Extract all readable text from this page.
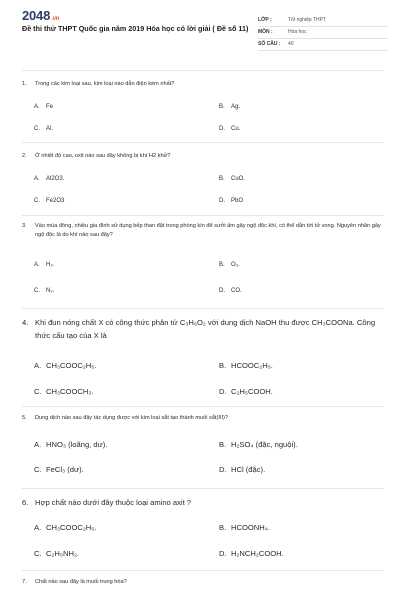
2048.vn
Đề thi thử THPT Quốc gia năm 2019 Hóa học có lời giải ( Đề số 11)
LỚP :	Tốt nghiệp THPT
MÔN :	Hóa học
SỐ CÂU :	40
1.	Trong các kim loại sau, kim loại nào dẫn điện kém nhất?
A.	Fe	B.	Ag.
C.	Al.	D.	Cu.
2.	Ở nhiệt độ cao, oxit nào sau đây không bị khí H2 khử?
A.	Al2O3.	B.	CuO.
C.	Fe2O3	D.	PbO
3.	Vào mùa đông, nhiều gia đình sử dụng bếp than đặt trong phòng kín để sưởi ấm gây ngộ độc khí, có thể dẫn tới tử vong. Nguyên nhân gây ngộ độc là do khí nào sau đây?
A.	H₂.	B.	O₃.
C.	N₂.	D.	CO.
4. Khi đun nóng chất X có công thức phân tử C₃H₆O₂ với dung dịch NaOH thu được CH₃COONa. Công thức cấu tạo của X là
A. CH₃COOC₂H₅.	B. HCOOC₂H₅.
C. CH₃COOCH₃.	D. C₂H₅COOH.
5.	Dung dịch nào sau đây tác dụng được với kim loại sắt tạo thành muối sắt(III)?
A. HNO₃ (loãng, dư).	B. H₂SO₄ (đặc, nguội).
C. FeCl₃ (dư).	D. HCl (đặc).
6. Hợp chất nào dưới đây thuộc loại amino axit ?
A. CH₃COOC₂H₅.	B. HCOONH₄.
C. C₂H₅NH₂.	D. H₂NCH₂COOH.
7.	Chất nào sau đây là muối trung hòa?
